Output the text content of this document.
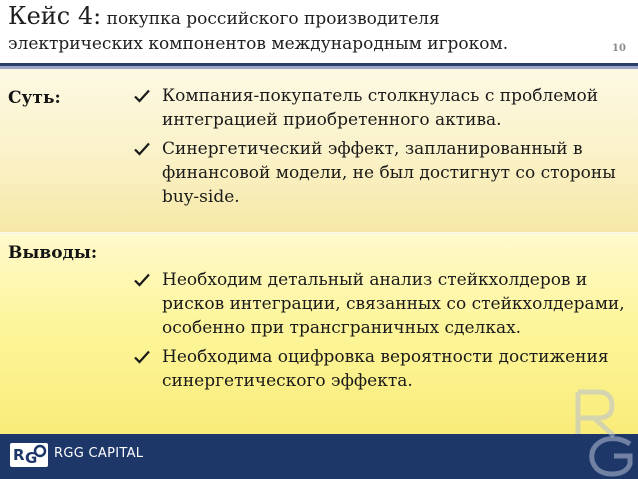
Кейс 4: покупка российского производителя
электрических компонентов международным игроком.	10
Суть:	Компания-покупатель столкнулась с проблемой интеграцией приобретенного актива.
Синергетический эффект, запланированный в финансовой модели, не был достигнут со стороны buy-side.
Выводы:
Необходим детальный анализ стейкхолдеров и рисков интеграции, связанных со стейкхолдерами, особенно при трансграничных сделках.
Необходима оцифровка вероятности достижения синергетического эффекта.
R G RGG CAPITAL
